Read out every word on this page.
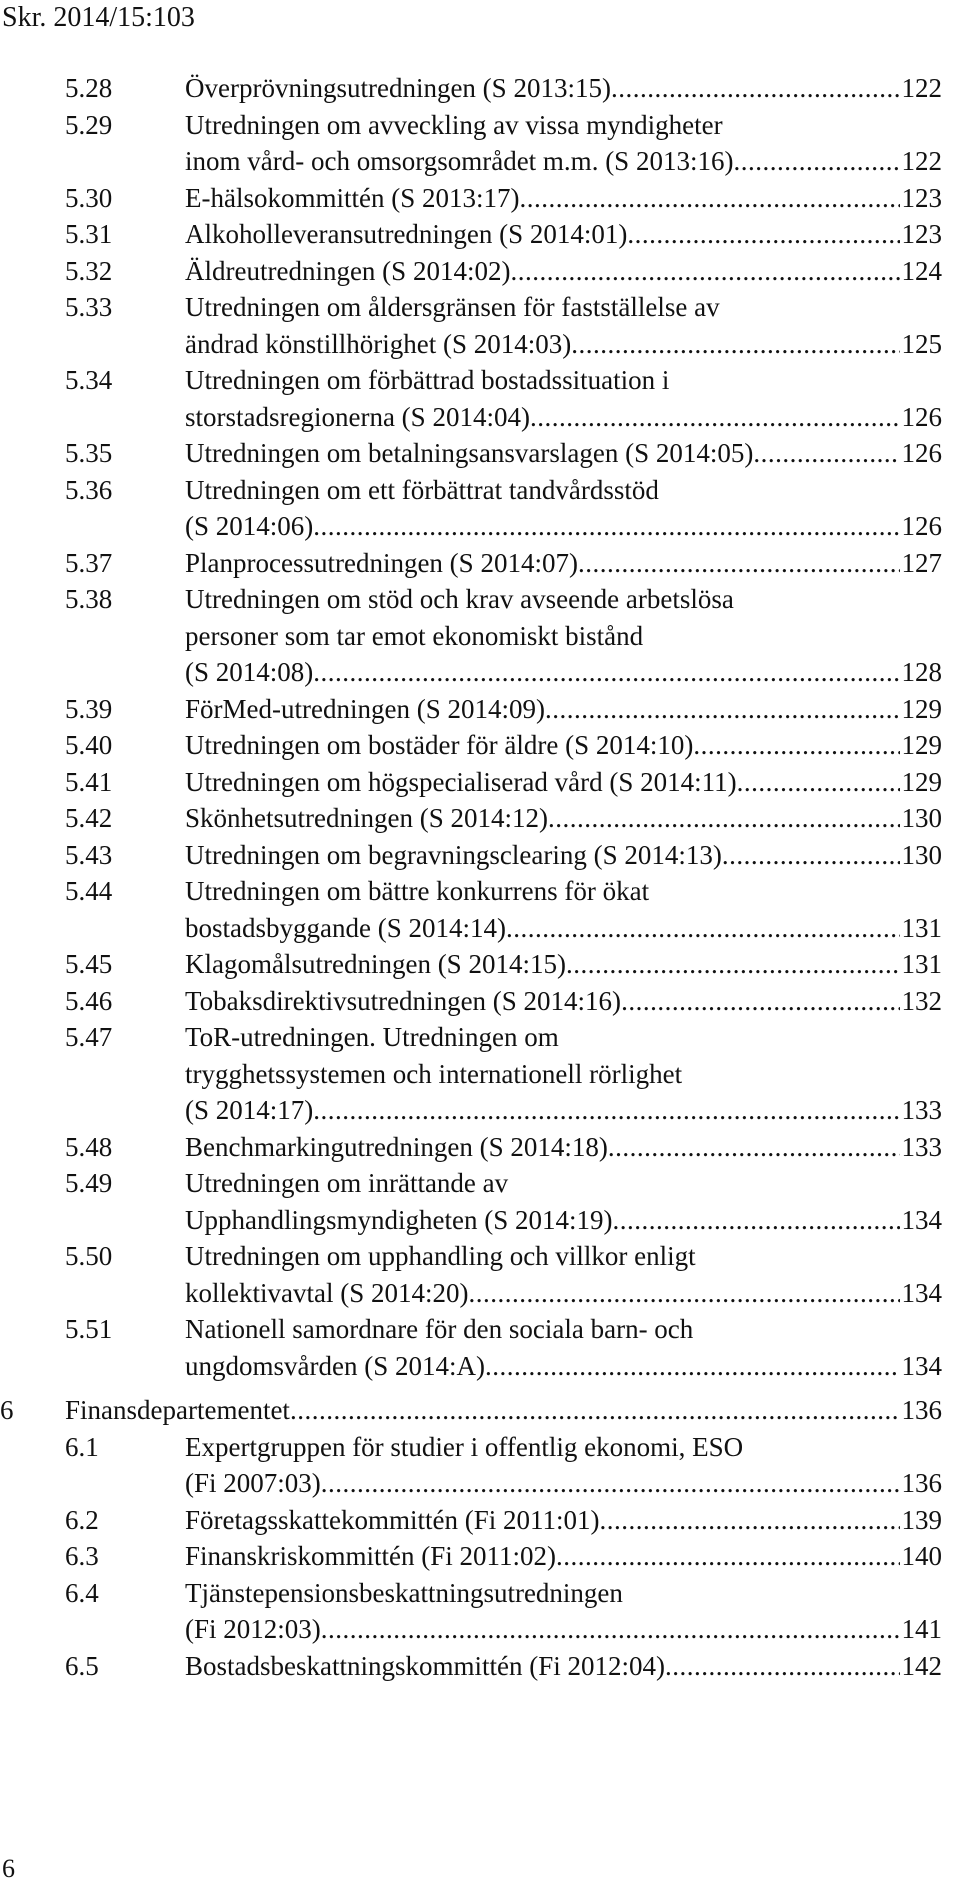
Skr. 2014/15:103
5.28	Överprövningsutredningen (S 2013:15) .....	122
5.29	Utredningen om avveckling av vissa myndigheter
inom vård- och omsorgsområdet m.m. (S 2013:16) .....	122
5.30	E-hälsokommittén (S 2013:17) .....	123
5.31	Alkoholleveransutredningen (S 2014:01) .....	123
5.32	Äldreutredningen (S 2014:02) .....	124
5.33	Utredningen om åldersgränsen för fastställelse av
ändrad könstillhörighet (S 2014:03) .....	125
5.34	Utredningen om förbättrad bostadssituation i
storstadsregionerna (S 2014:04) .....	126
5.35	Utredningen om betalningsansvarslagen (S 2014:05) .....	126
5.36	Utredningen om ett förbättrat tandvårdsstöd
(S 2014:06) .....	126
5.37	Planprocessutredningen (S 2014:07) .....	127
5.38	Utredningen om stöd och krav avseende arbetslösa
personer som tar emot ekonomiskt bistånd
(S 2014:08) .....	128
5.39	FörMed-utredningen (S 2014:09) .....	129
5.40	Utredningen om bostäder för äldre (S 2014:10) .....	129
5.41	Utredningen om högspecialiserad vård (S 2014:11) .....	129
5.42	Skönhetsutredningen (S 2014:12) .....	130
5.43	Utredningen om begravningsclearing (S 2014:13) .....	130
5.44	Utredningen om bättre konkurrens för ökat
bostadsbyggande (S 2014:14) .....	131
5.45	Klagomålsutredningen (S 2014:15) .....	131
5.46	Tobaksdirektivsutredningen (S 2014:16) .....	132
5.47	ToR-utredningen. Utredningen om
trygghetssystemen och internationell rörlighet
(S 2014:17) .....	133
5.48	Benchmarkingutredningen (S 2014:18) .....	133
5.49	Utredningen om inrättande av
Upphandlingsmyndigheten (S 2014:19) .....	134
5.50	Utredningen om upphandling och villkor enligt
kollektivavtal (S 2014:20) .....	134
5.51	Nationell samordnare för den sociala barn- och
ungdomsvården (S 2014:A) .....	134
6 Finansdepartementet .....	136
6.1	Expertgruppen för studier i offentlig ekonomi, ESO
(Fi 2007:03) .....	136
6.2	Företagsskattekommittén (Fi 2011:01) .....	139
6.3	Finanskriskommittén (Fi 2011:02) .....	140
6.4	Tjänstepensionsbeskattningsutredningen
(Fi 2012:03) .....	141
6.5	Bostadsbeskattningskommittén (Fi 2012:04) .....	142
6
